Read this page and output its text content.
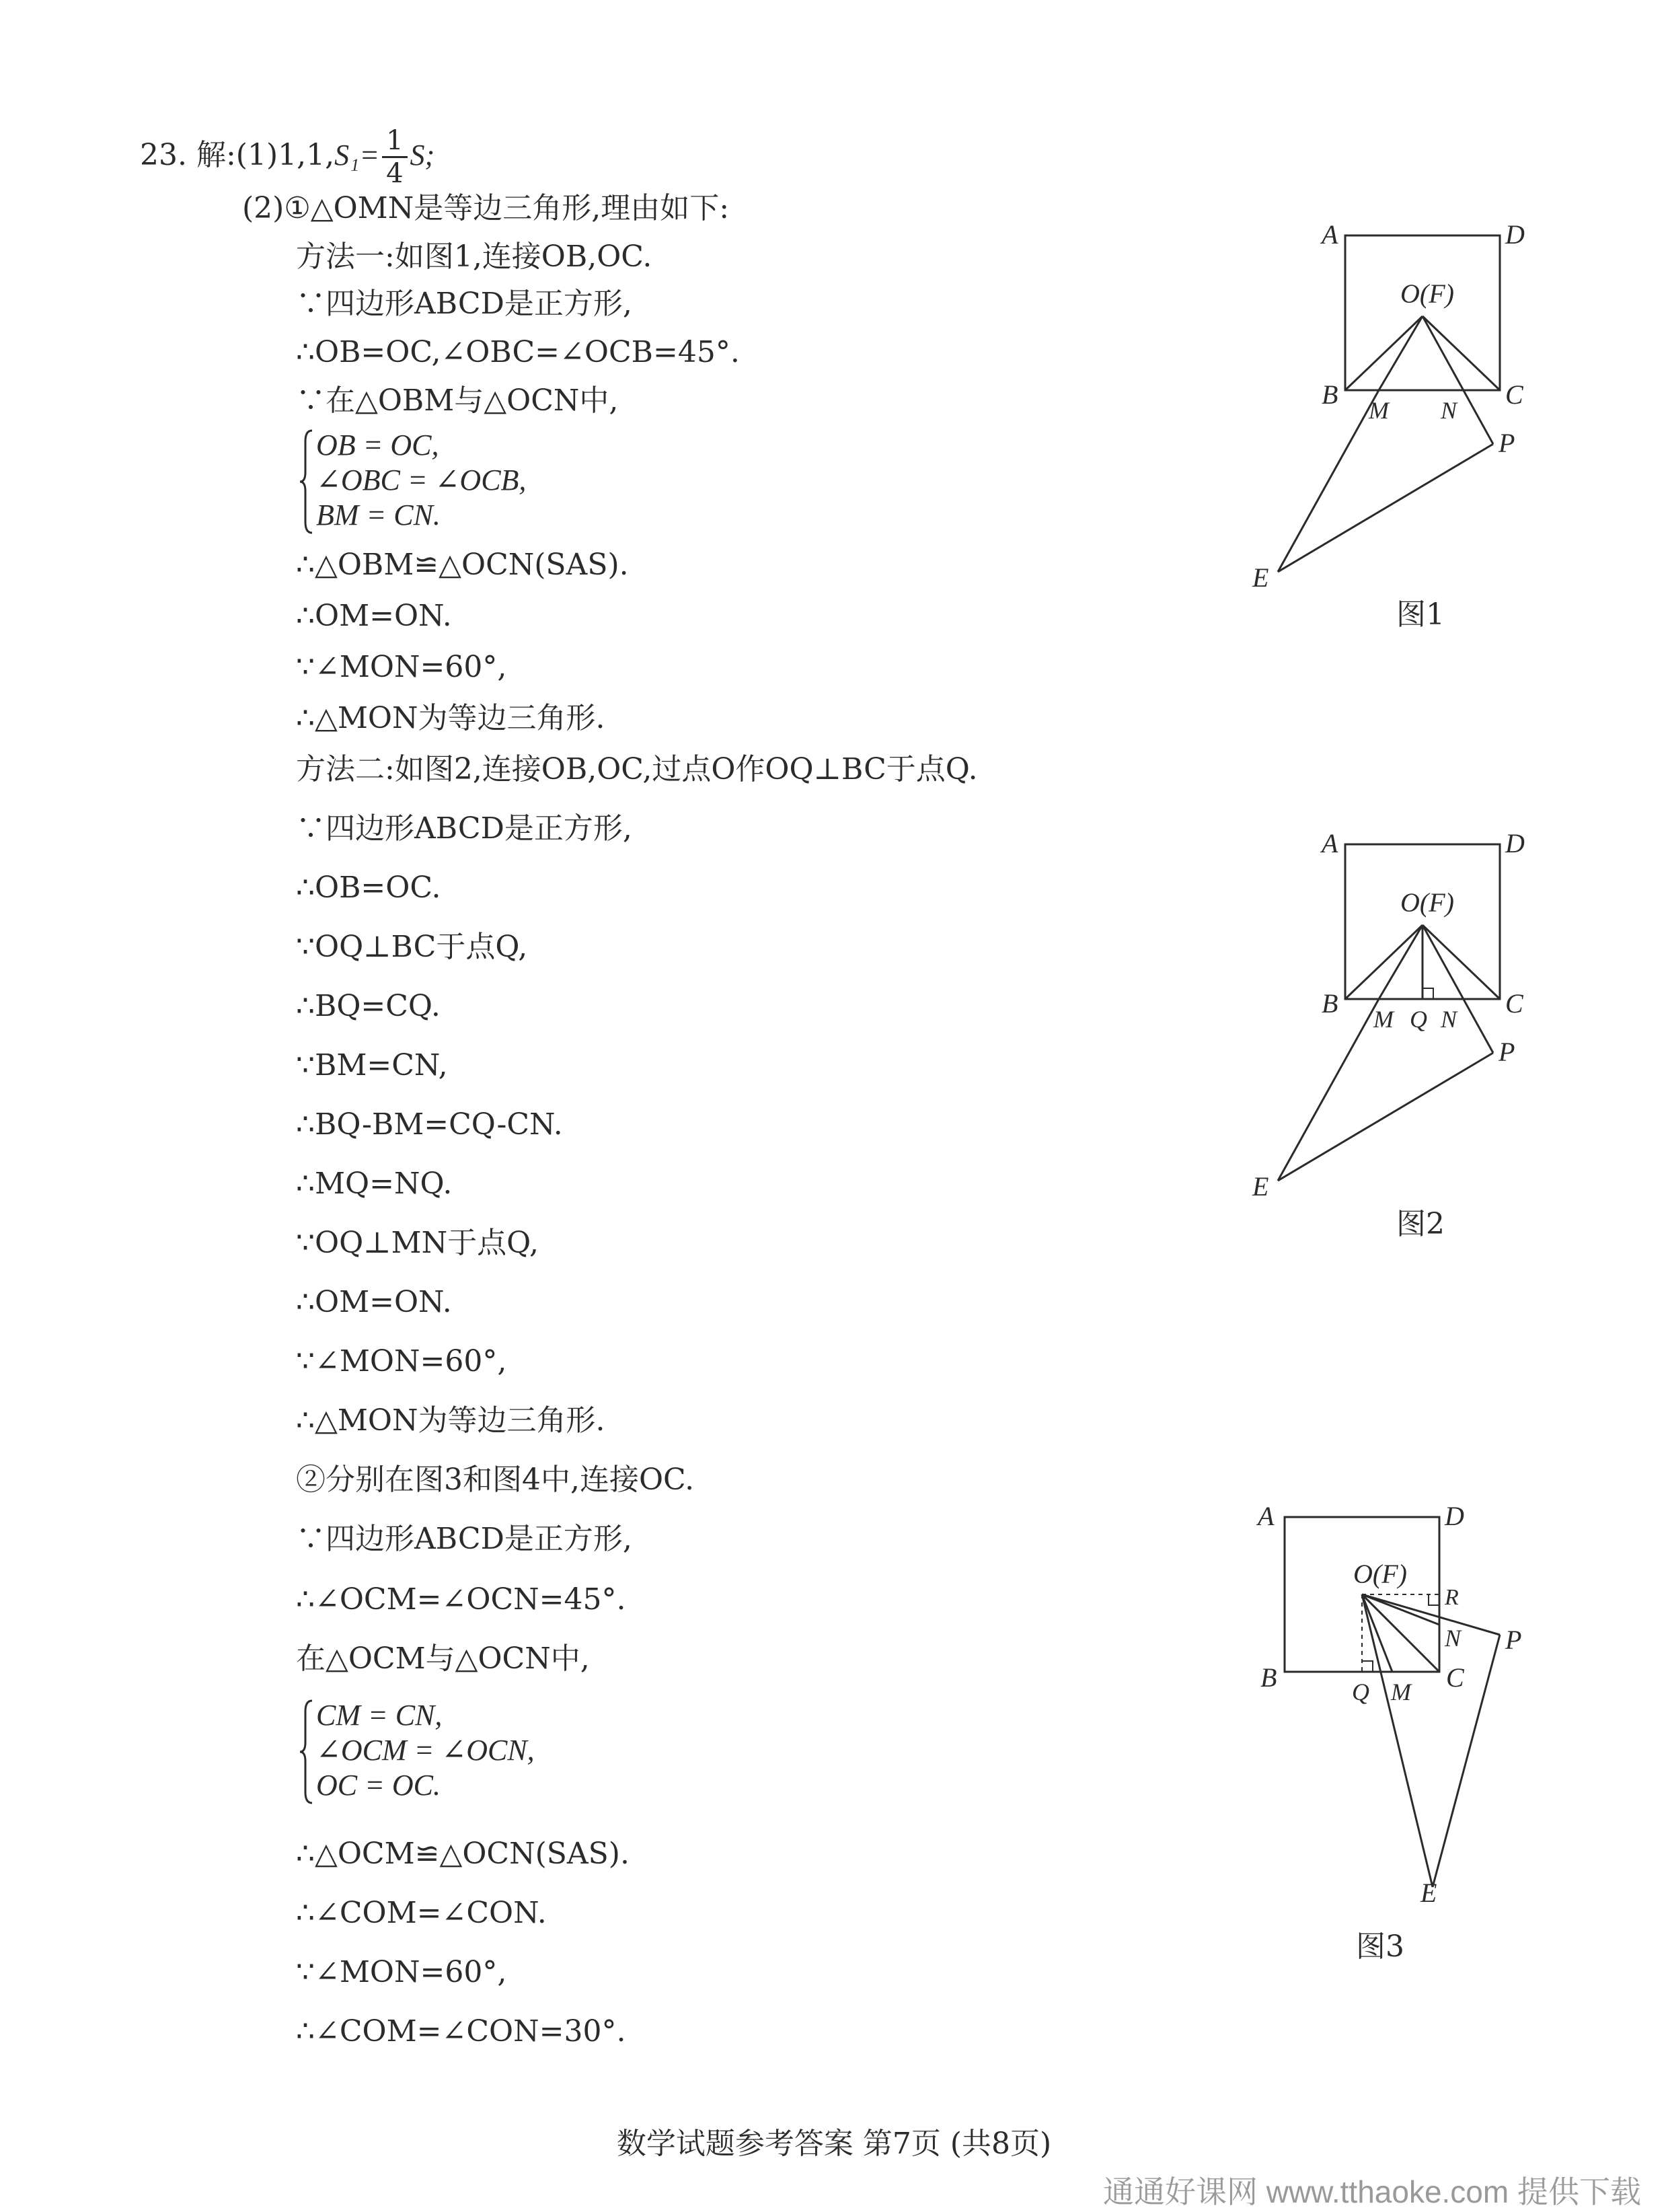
23. 解:(1)1,1,S₁= $\frac{1}{4} S$;
(2)①△OMN是等边三角形,理由如下:
方法一:如图1,连接OB,OC.
∵四边形ABCD是正方形,
∴OB=OC,∠OBC=∠OCB=45°.
∵在△OBM与△OCN中,
OB = OC,
∠OBC = ∠OCB,
BM = CN.
∴△OBM≌△OCN(SAS).
∴OM=ON.
∵∠MON=60°,
∴△MON为等边三角形.
方法二:如图2,连接OB,OC,过点O作OQ⊥BC于点Q.
∵四边形ABCD是正方形,
∴OB=OC.
∵OQ⊥BC于点Q,
∴BQ=CQ.
∵BM=CN,
∴BQ-BM=CQ-CN.
∴MQ=NQ.
∵OQ⊥MN于点Q,
∴OM=ON.
∵∠MON=60°,
∴△MON为等边三角形.
②分别在图3和图4中,连接OC.
∵四边形ABCD是正方形,
∴∠OCM=∠OCN=45°.
在△OCM与△OCN中,
CM = CN,
∠OCM = ∠OCN,
OC = OC.
∴△OCM≌△OCN(SAS).
∴∠COM=∠CON.
∵∠MON=60°,
∴∠COM=∠CON=30°.
A	D
O(F)
B	C
M N
P
E
图1
A	D
O(F)
B	C
M Q N
P
E
图2
A	D
O(F)
R
N P
B	Q M C
E
图3
数学试题参考答案 第7页 (共8页)
通通好课网 www.tthaoke.com 提供下载
